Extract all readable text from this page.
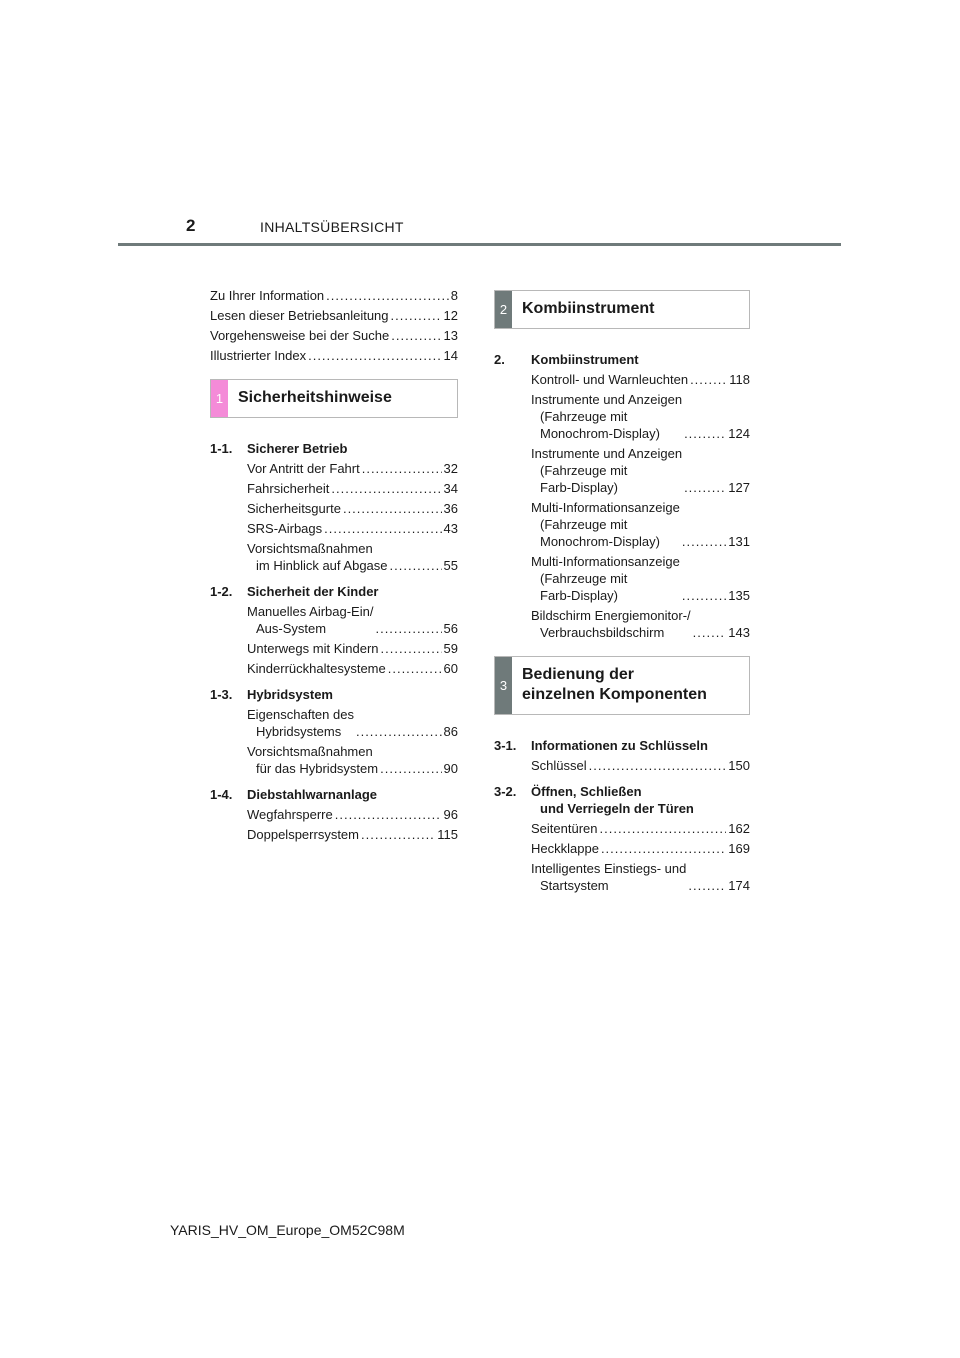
2	INHALTSÜBERSICHT
Zu Ihrer Information .....	8
Lesen dieser Betriebsanleitung .....	12
Vorgehensweise bei der Suche .....	13
Illustrierter Index .....	14
1 Sicherheitshinweise
1-1.	Sicherer Betrieb
Vor Antritt der Fahrt .....	32
Fahrsicherheit .....	34
Sicherheitsgurte .....	36
SRS-Airbags .....	43
Vorsichtsmaßnahmen
im Hinblick auf Abgase .....	55
1-2.	Sicherheit der Kinder
Manuelles Airbag-Ein/
Aus-System .....	56
Unterwegs mit Kindern .....	59
Kinderrückhaltesysteme .....	60
1-3.	Hybridsystem
Eigenschaften des
Hybridsystems .....	86
Vorsichtsmaßnahmen
für das Hybridsystem .....	90
1-4.	Diebstahlwarnanlage
Wegfahrsperre .....	96
Doppelsperrsystem .....	115
2 Kombiinstrument
2.	Kombiinstrument
Kontroll- und Warnleuchten .....	118
Instrumente und Anzeigen
(Fahrzeuge mit
Monochrom-Display) .....	124
Instrumente und Anzeigen
(Fahrzeuge mit
Farb-Display) .....	127
Multi-Informationsanzeige
(Fahrzeuge mit
Monochrom-Display) .....	131
Multi-Informationsanzeige
(Fahrzeuge mit
Farb-Display) .....	135
Bildschirm Energiemonitor-/
Verbrauchsbildschirm .....	143
3
Bedienung der
einzelnen Komponenten
3-1.	Informationen zu Schlüsseln
Schlüssel .....	150
3-2.	Öffnen, Schließen
und Verriegeln der Türen
Seitentüren .....	162
Heckklappe .....	169
Intelligentes Einstiegs- und
Startsystem .....	174
YARIS_HV_OM_Europe_OM52C98M
